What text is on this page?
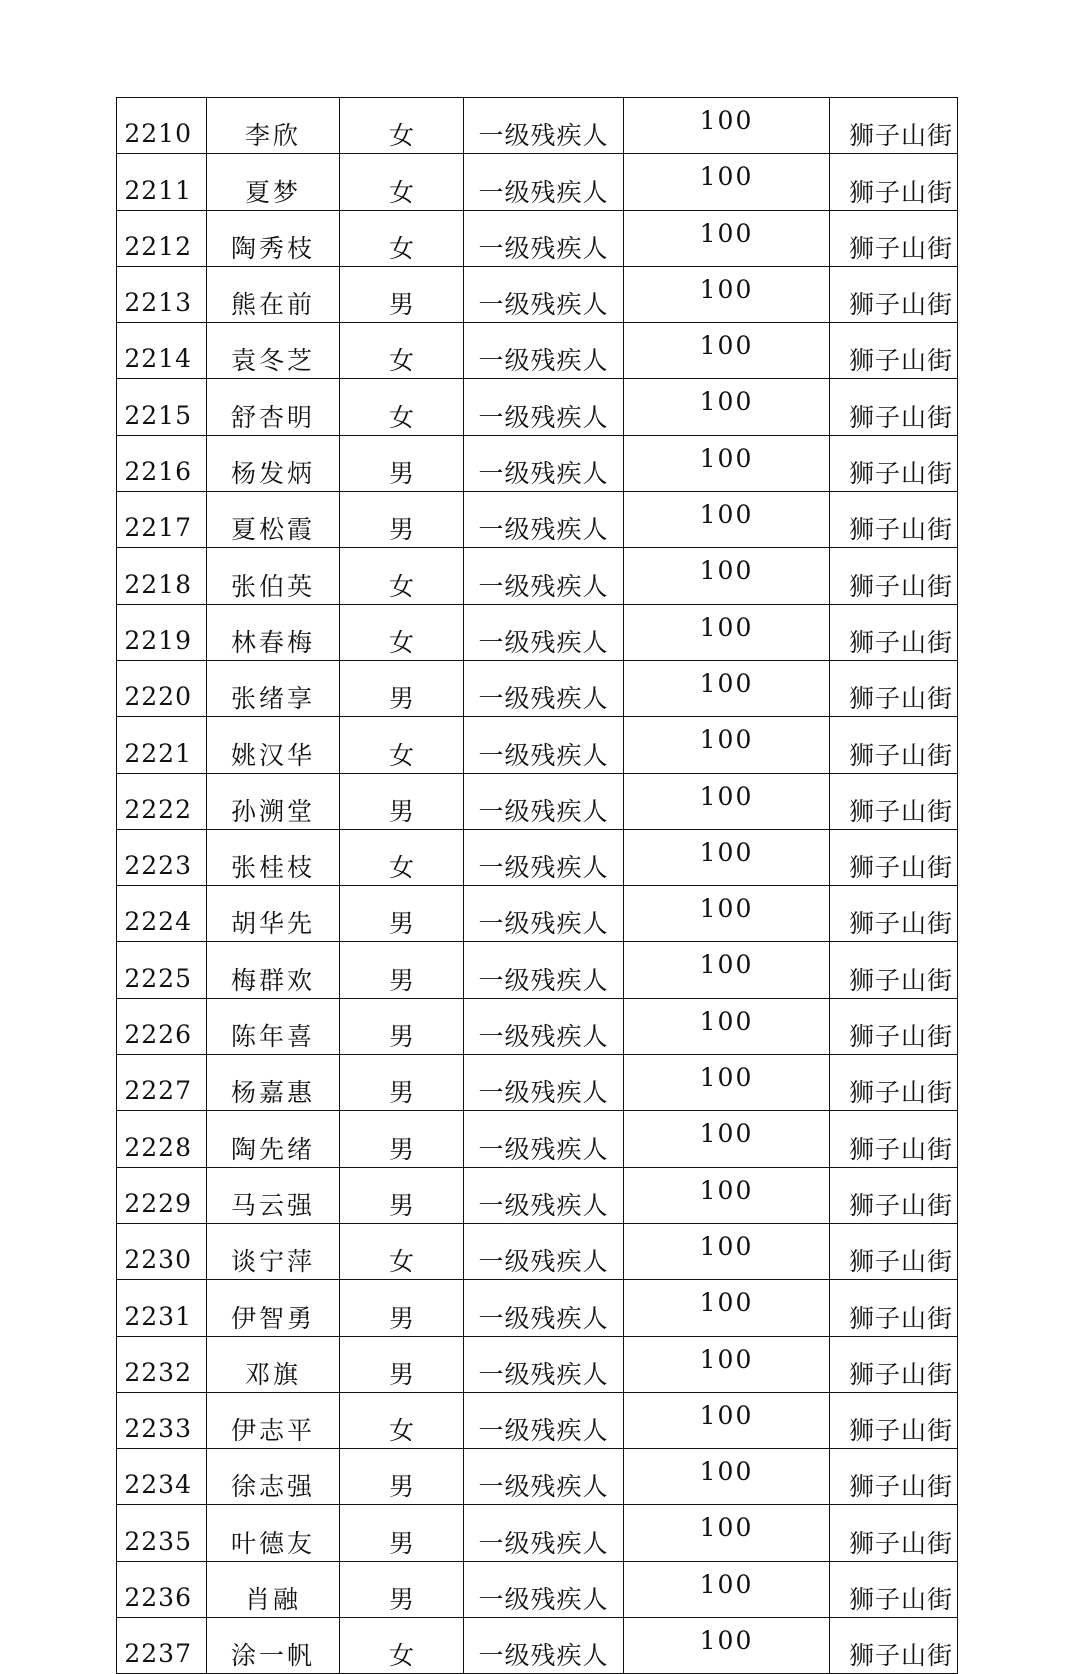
2210	李欣	女	一级残疾人	100	狮子山街
2211	夏梦	女	一级残疾人	100	狮子山街
2212	陶秀枝	女	一级残疾人	100	狮子山街
2213	熊在前	男	一级残疾人	100	狮子山街
2214	袁冬芝	女	一级残疾人	100	狮子山街
2215	舒杏明	女	一级残疾人	100	狮子山街
2216	杨发炳	男	一级残疾人	100	狮子山街
2217	夏松霞	男	一级残疾人	100	狮子山街
2218	张伯英	女	一级残疾人	100	狮子山街
2219	林春梅	女	一级残疾人	100	狮子山街
2220	张绪享	男	一级残疾人	100	狮子山街
2221	姚汉华	女	一级残疾人	100	狮子山街
2222	孙溯堂	男	一级残疾人	100	狮子山街
2223	张桂枝	女	一级残疾人	100	狮子山街
2224	胡华先	男	一级残疾人	100	狮子山街
2225	梅群欢	男	一级残疾人	100	狮子山街
2226	陈年喜	男	一级残疾人	100	狮子山街
2227	杨嘉惠	男	一级残疾人	100	狮子山街
2228	陶先绪	男	一级残疾人	100	狮子山街
2229	马云强	男	一级残疾人	100	狮子山街
2230	谈宁萍	女	一级残疾人	100	狮子山街
2231	伊智勇	男	一级残疾人	100	狮子山街
2232	邓旗	男	一级残疾人	100	狮子山街
2233	伊志平	女	一级残疾人	100	狮子山街
2234	徐志强	男	一级残疾人	100	狮子山街
2235	叶德友	男	一级残疾人	100	狮子山街
2236	肖融	男	一级残疾人	100	狮子山街
2237	涂一帆	女	一级残疾人	100	狮子山街
